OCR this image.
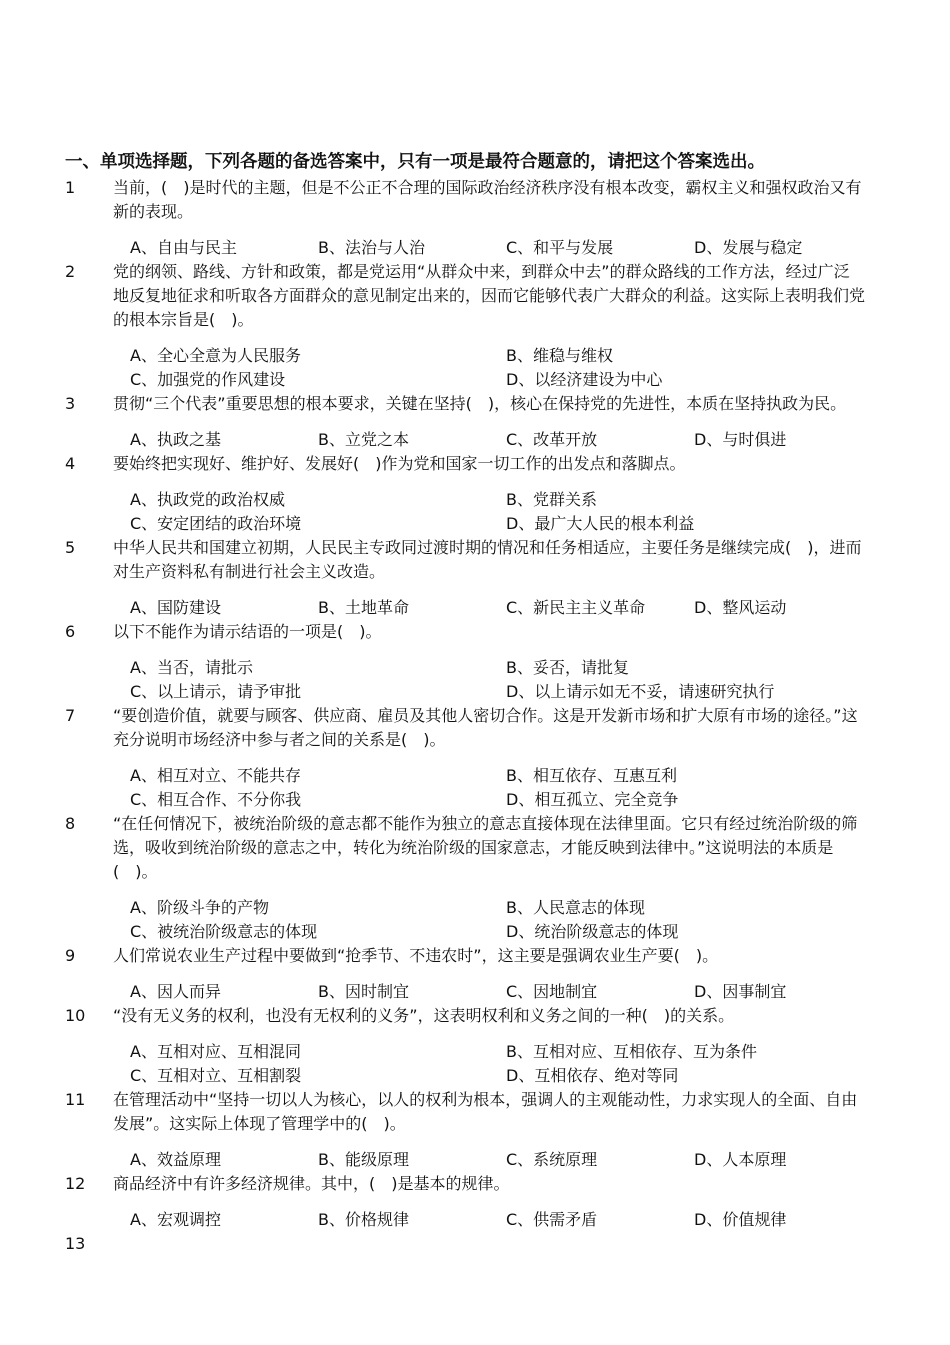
一、单项选择题，下列各题的备选答案中，只有一项是最符合题意的，请把这个答案选出。
1	当前，(　)是时代的主题，但是不公正不合理的国际政治经济秩序没有根本改变，霸权主义和强权政治又有新的表现。
A、自由与民主	B、法治与人治	C、和平与发展	D、发展与稳定
2	党的纲领、路线、方针和政策，都是党运用“从群众中来，到群众中去”的群众路线的工作方法，经过广泛地反复地征求和听取各方面群众的意见制定出来的，因而它能够代表广大群众的利益。这实际上表明我们党的根本宗旨是(　)。
A、全心全意为人民服务	B、维稳与维权
C、加强党的作风建设	D、以经济建设为中心
3	贯彻“三个代表”重要思想的根本要求，关键在坚持(　)，核心在保持党的先进性，本质在坚持执政为民。
A、执政之基	B、立党之本	C、改革开放	D、与时俱进
4	要始终把实现好、维护好、发展好(　)作为党和国家一切工作的出发点和落脚点。
A、执政党的政治权威	B、党群关系
C、安定团结的政治环境	D、最广大人民的根本利益
5	中华人民共和国建立初期，人民民主专政同过渡时期的情况和任务相适应，主要任务是继续完成(　)，进而对生产资料私有制进行社会主义改造。
A、国防建设	B、土地革命	C、新民主主义革命	D、整风运动
6	以下不能作为请示结语的一项是(　)。
A、当否，请批示	B、妥否，请批复
C、以上请示，请予审批	D、以上请示如无不妥，请速研究执行
7	“要创造价值，就要与顾客、供应商、雇员及其他人密切合作。这是开发新市场和扩大原有市场的途径。”这充分说明市场经济中参与者之间的关系是(　)。
A、相互对立、不能共存	B、相互依存、互惠互利
C、相互合作、不分你我	D、相互孤立、完全竞争
8	“在任何情况下，被统治阶级的意志都不能作为独立的意志直接体现在法律里面。它只有经过统治阶级的筛选，吸收到统治阶级的意志之中，转化为统治阶级的国家意志，才能反映到法律中。”这说明法的本质是(　)。
A、阶级斗争的产物	B、人民意志的体现
C、被统治阶级意志的体现	D、统治阶级意志的体现
9	人们常说农业生产过程中要做到“抢季节、不违农时”，这主要是强调农业生产要(　)。
A、因人而异	B、因时制宜	C、因地制宜	D、因事制宜
10	“没有无义务的权利，也没有无权利的义务”，这表明权利和义务之间的一种(　)的关系。
A、互相对应、互相混同	B、互相对应、互相依存、互为条件
C、互相对立、互相割裂	D、互相依存、绝对等同
11	在管理活动中“坚持一切以人为核心，以人的权利为根本，强调人的主观能动性，力求实现人的全面、自由发展”。这实际上体现了管理学中的(　)。
A、效益原理	B、能级原理	C、系统原理	D、人本原理
12	商品经济中有许多经济规律。其中，(　)是基本的规律。
A、宏观调控	B、价格规律	C、供需矛盾	D、价值规律
13
